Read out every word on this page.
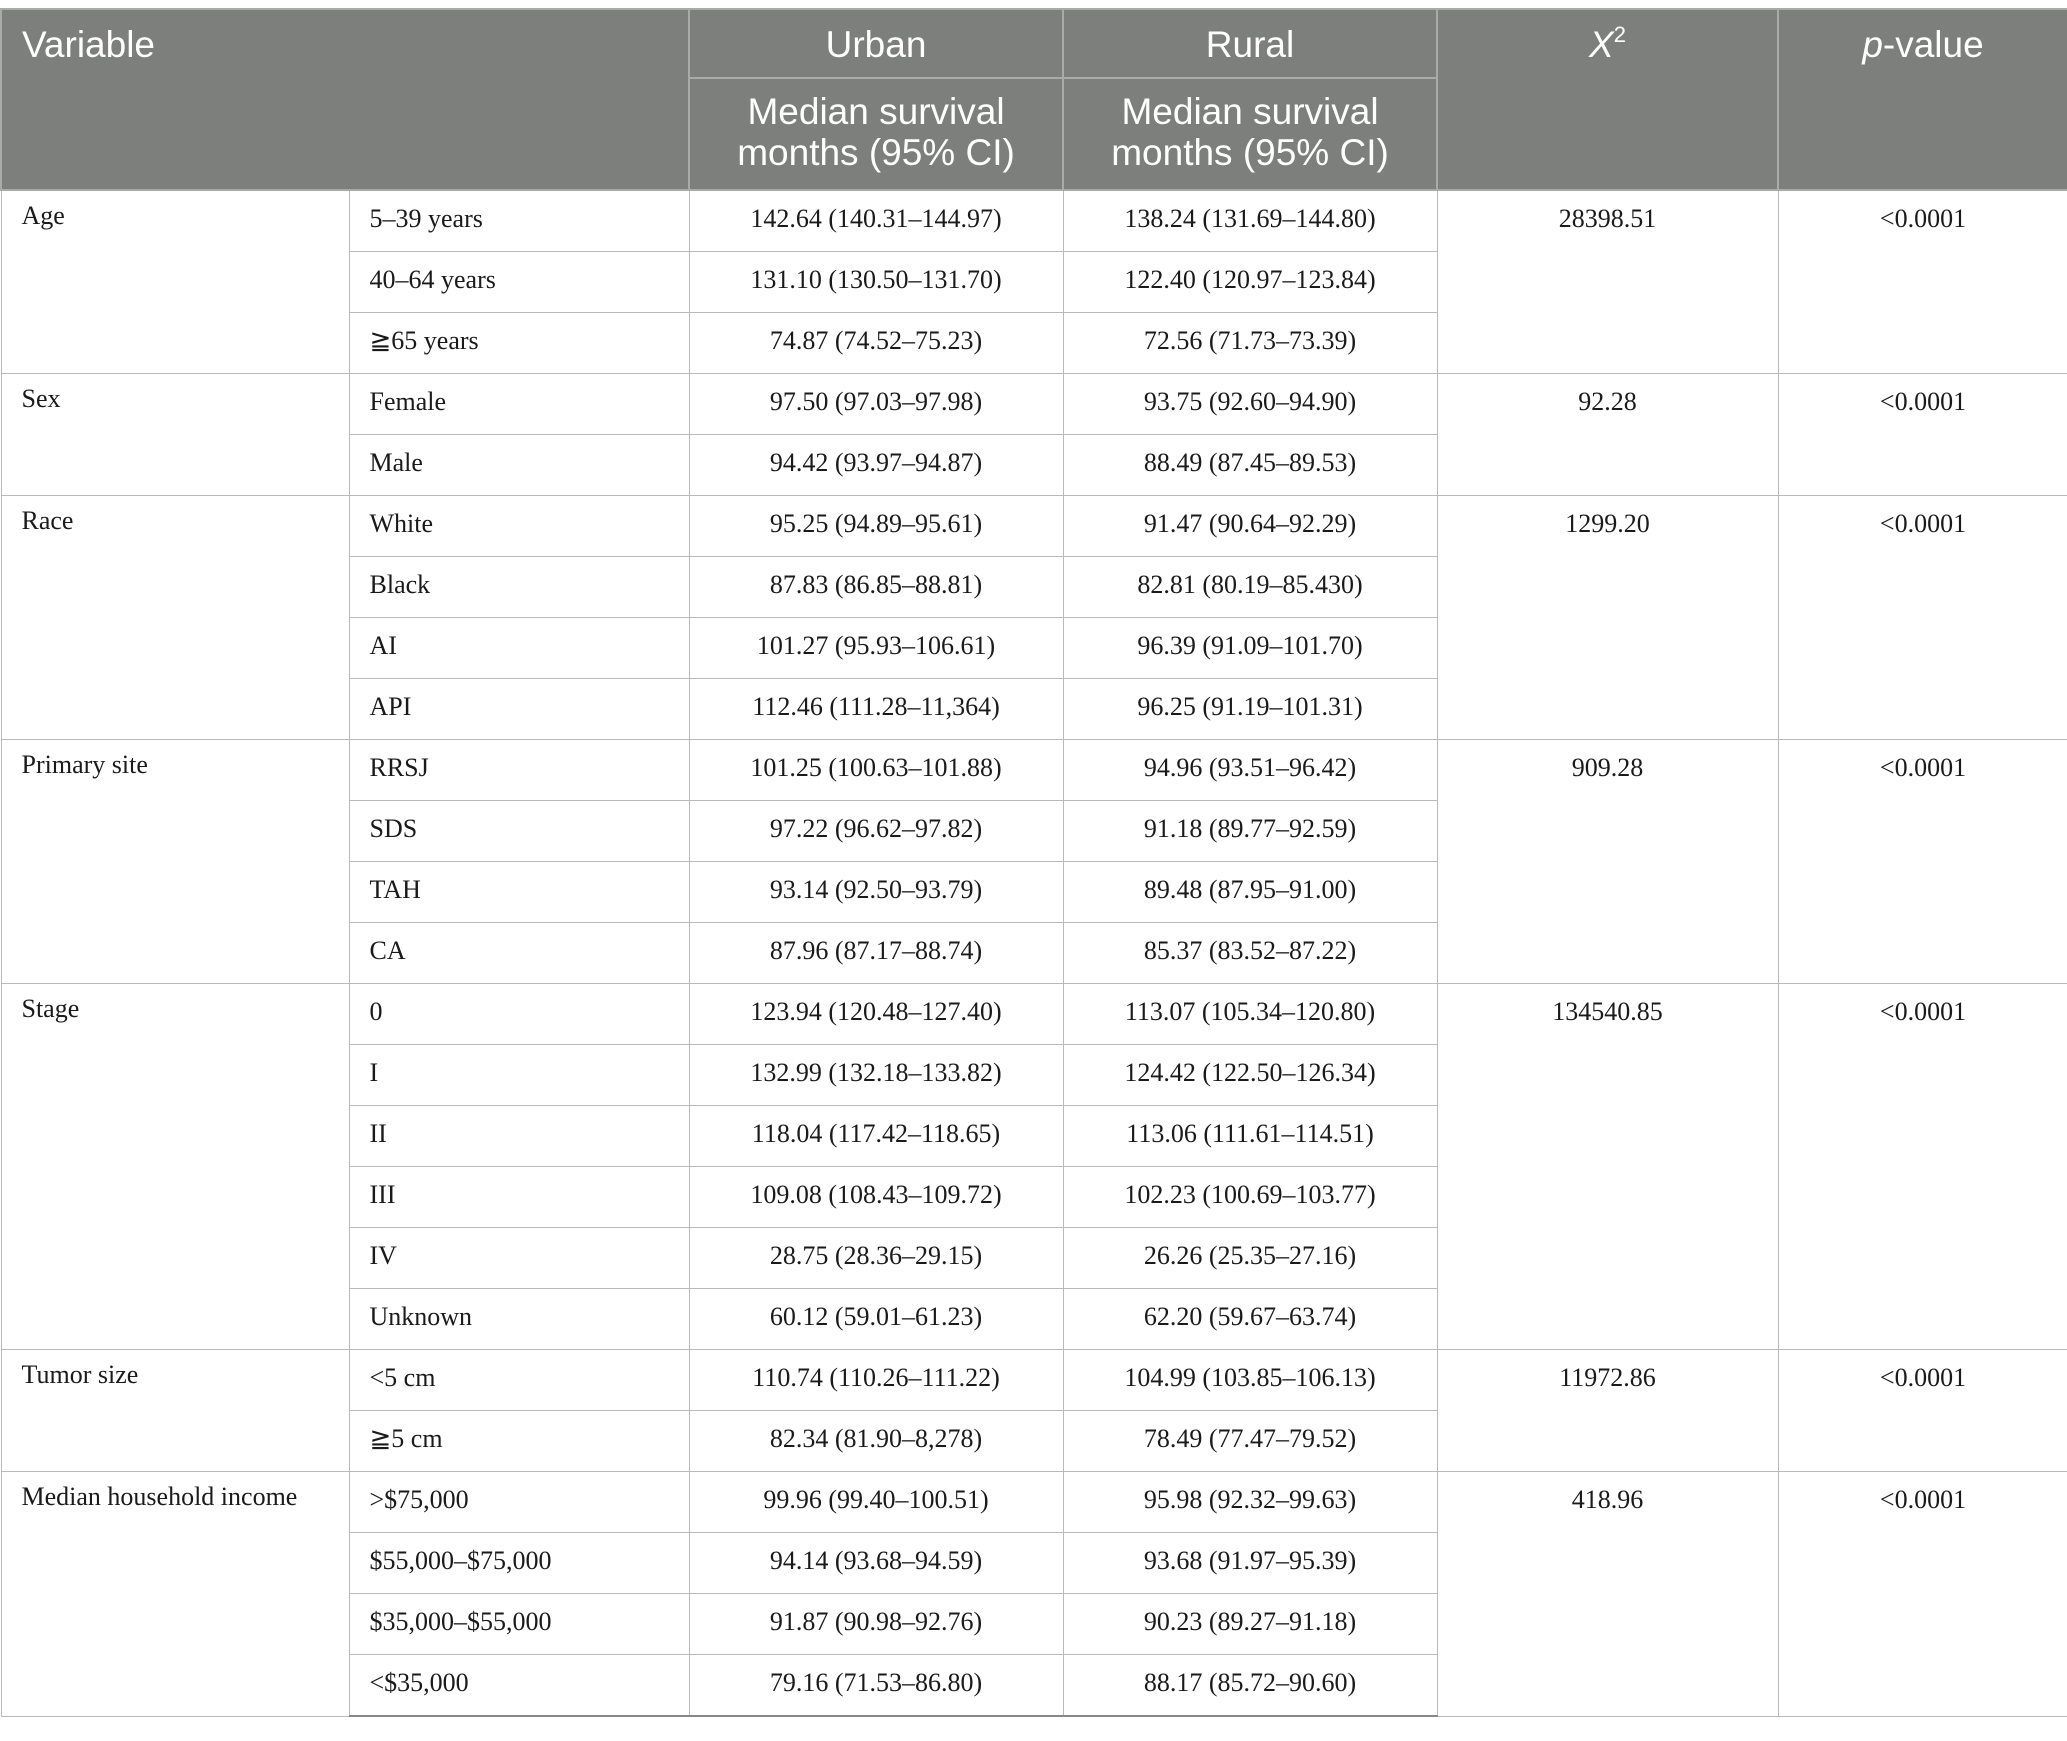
Variable		Urban	Rural	$X^2$	p-value
		Median survival months (95% CI)	Median survival months (95% CI)		
Age	5–39 years	142.64 (140.31–144.97)	138.24 (131.69–144.80)	28398.51	<0.0001
	40–64 years	131.10 (130.50–131.70)	122.40 (120.97–123.84)		
	≧65 years	74.87 (74.52–75.23)	72.56 (71.73–73.39)		
Sex	Female	97.50 (97.03–97.98)	93.75 (92.60–94.90)	92.28	<0.0001
	Male	94.42 (93.97–94.87)	88.49 (87.45–89.53)		
Race	White	95.25 (94.89–95.61)	91.47 (90.64–92.29)	1299.20	<0.0001
	Black	87.83 (86.85–88.81)	82.81 (80.19–85.430)		
	AI	101.27 (95.93–106.61)	96.39 (91.09–101.70)		
	API	112.46 (111.28–11,364)	96.25 (91.19–101.31)		
Primary site	RRSJ	101.25 (100.63–101.88)	94.96 (93.51–96.42)	909.28	<0.0001
	SDS	97.22 (96.62–97.82)	91.18 (89.77–92.59)		
	TAH	93.14 (92.50–93.79)	89.48 (87.95–91.00)		
	CA	87.96 (87.17–88.74)	85.37 (83.52–87.22)		
Stage	0	123.94 (120.48–127.40)	113.07 (105.34–120.80)	134540.85	<0.0001
	I	132.99 (132.18–133.82)	124.42 (122.50–126.34)		
	II	118.04 (117.42–118.65)	113.06 (111.61–114.51)		
	III	109.08 (108.43–109.72)	102.23 (100.69–103.77)		
	IV	28.75 (28.36–29.15)	26.26 (25.35–27.16)		
	Unknown	60.12 (59.01–61.23)	62.20 (59.67–63.74)		
Tumor size	<5 cm	110.74 (110.26–111.22)	104.99 (103.85–106.13)	11972.86	<0.0001
	≧5 cm	82.34 (81.90–8,278)	78.49 (77.47–79.52)		
Median household income	>$75,000	99.96 (99.40–100.51)	95.98 (92.32–99.63)	418.96	<0.0001
	$55,000–$75,000	94.14 (93.68–94.59)	93.68 (91.97–95.39)		
	$35,000–$55,000	91.87 (90.98–92.76)	90.23 (89.27–91.18)		
	<$35,000	79.16 (71.53–86.80)	88.17 (85.72–90.60)		
